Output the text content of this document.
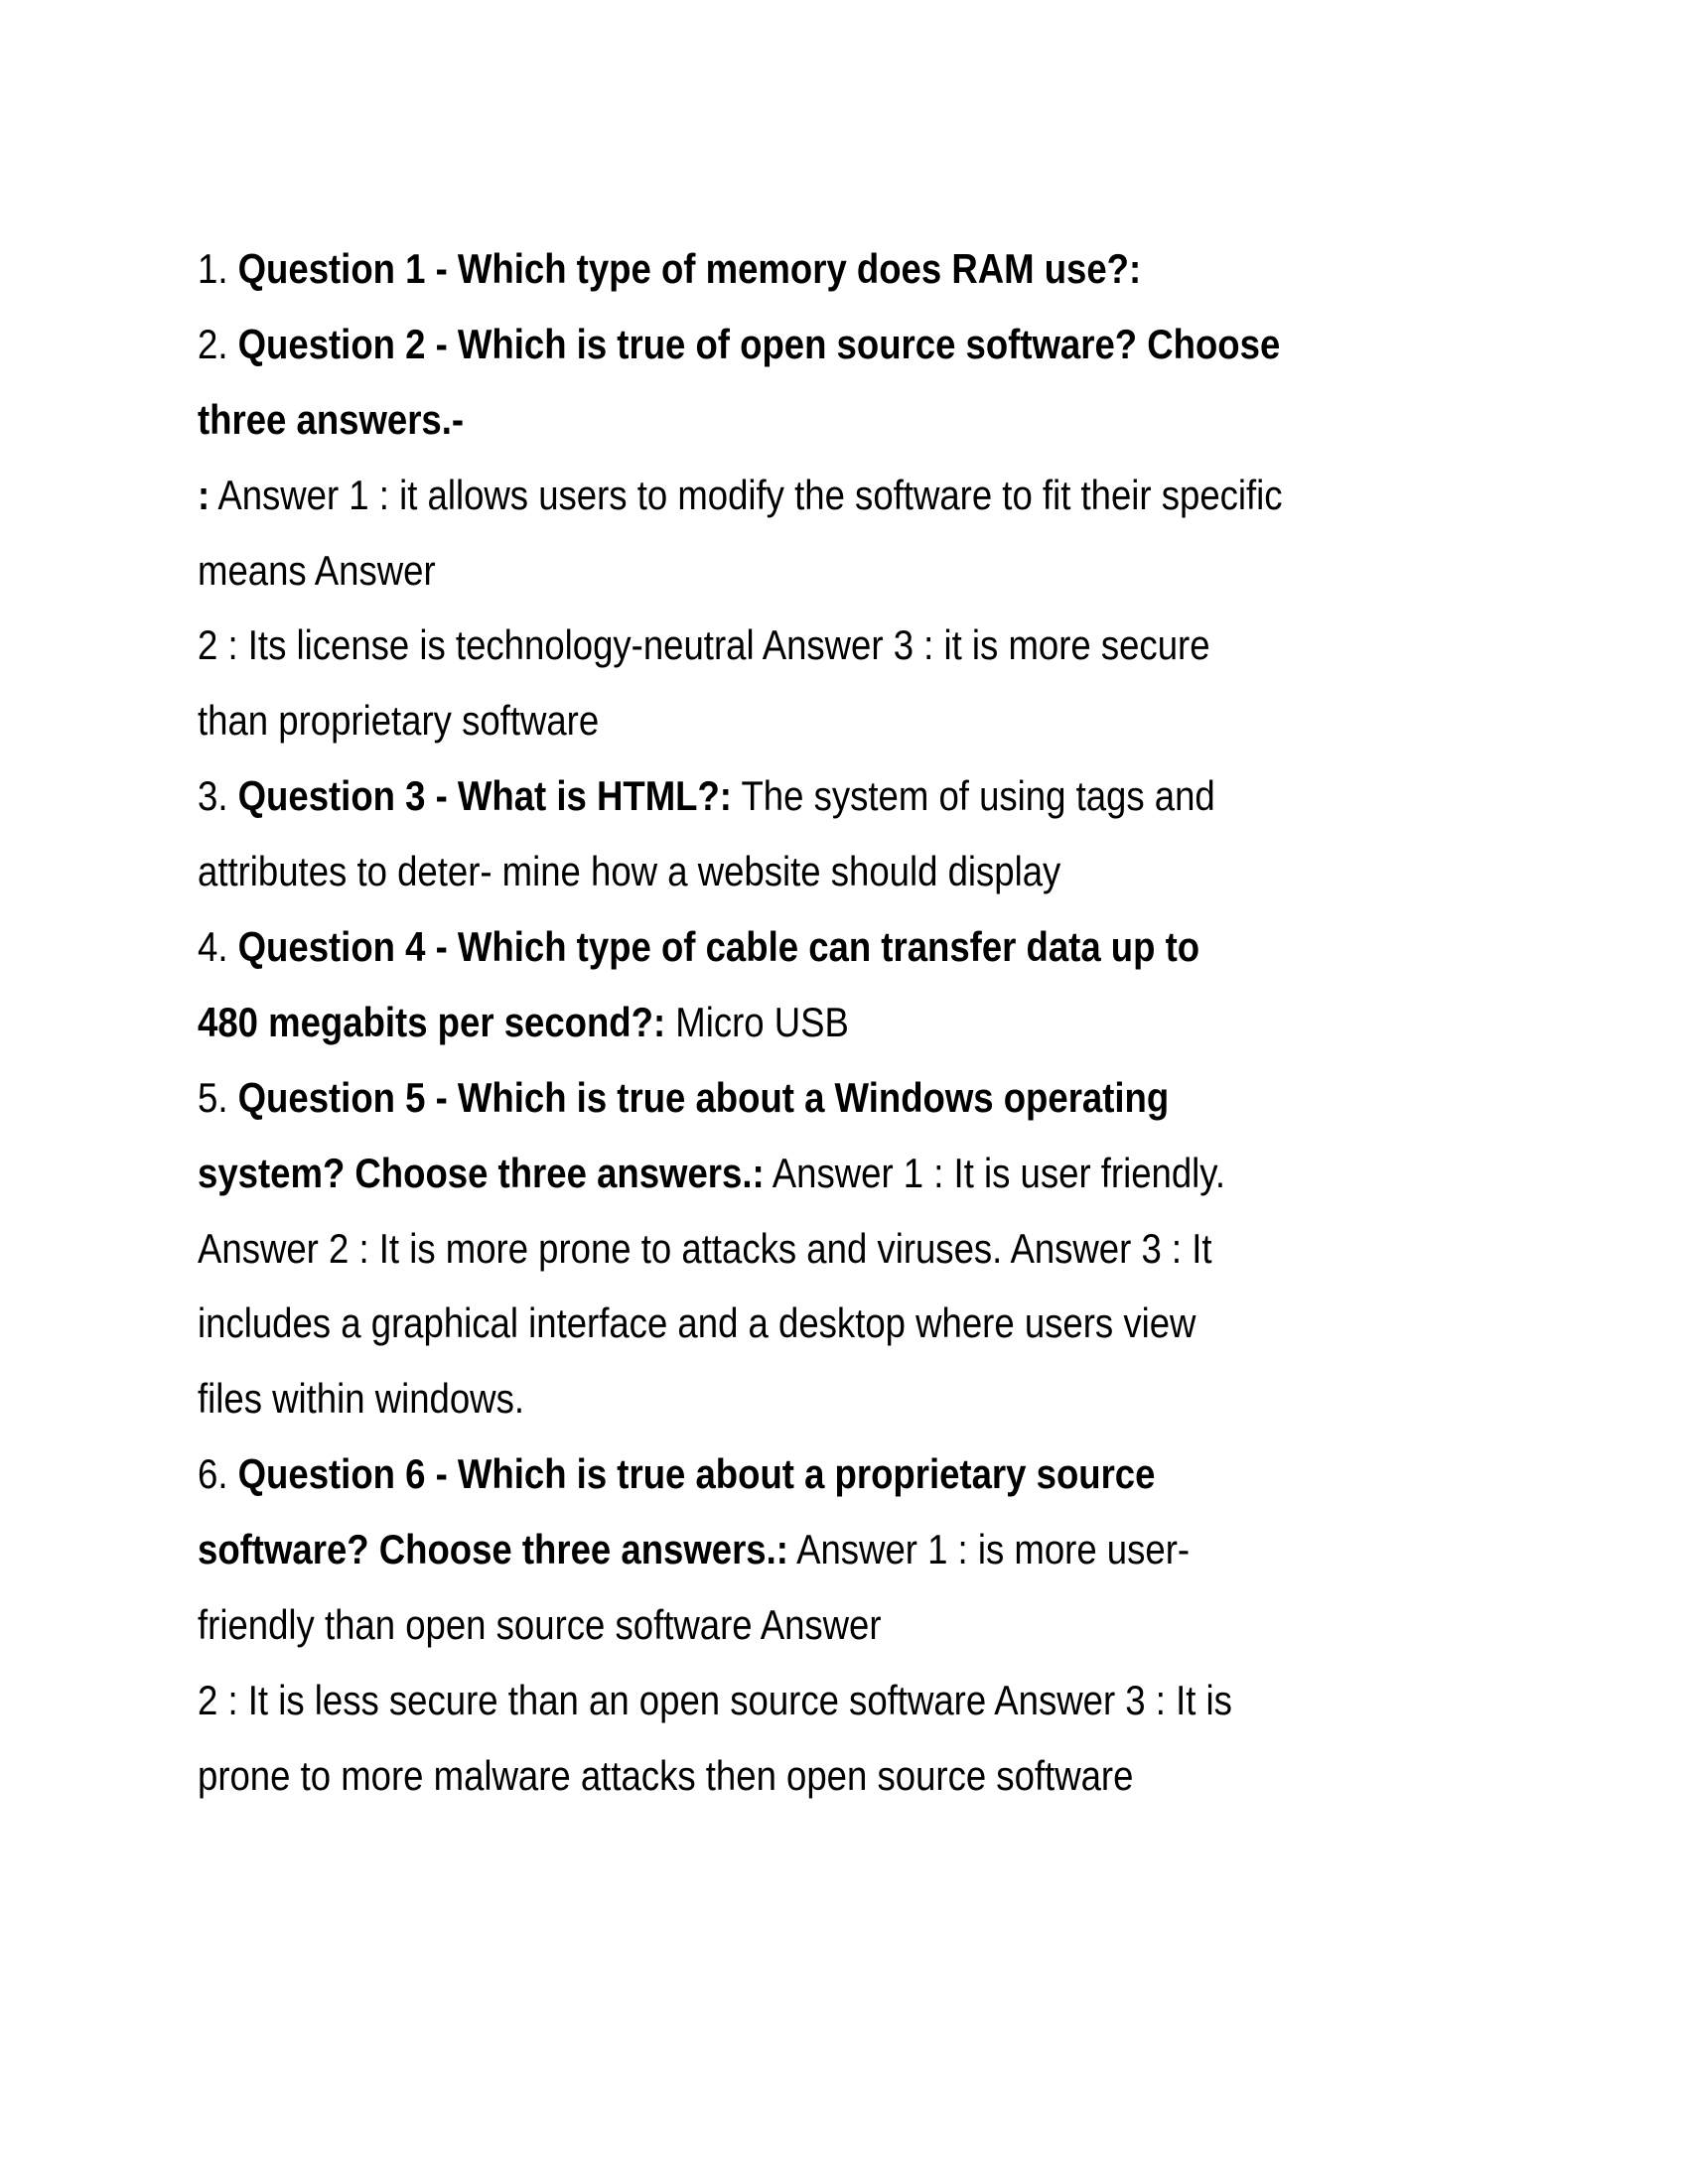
1. Question 1 - Which type of memory does RAM use?:
2. Question 2 - Which is true of open source software? Choose
three answers.-
: Answer 1 : it allows users to modify the software to fit their specific
means Answer
2 : Its license is technology-neutral Answer 3 : it is more secure
than proprietary software
3. Question 3 - What is HTML?: The system of using tags and
attributes to deter- mine how a website should display
4. Question 4 - Which type of cable can transfer data up to
480 megabits per second?: Micro USB
5. Question 5 - Which is true about a Windows operating
system? Choose three answers.: Answer 1 : It is user friendly.
Answer 2 : It is more prone to attacks and viruses. Answer 3 : It
includes a graphical interface and a desktop where users view
files within windows.
6. Question 6 - Which is true about a proprietary source
software? Choose three answers.: Answer 1 : is more user-
friendly than open source software Answer
2 : It is less secure than an open source software Answer 3 : It is
prone to more malware attacks then open source software
